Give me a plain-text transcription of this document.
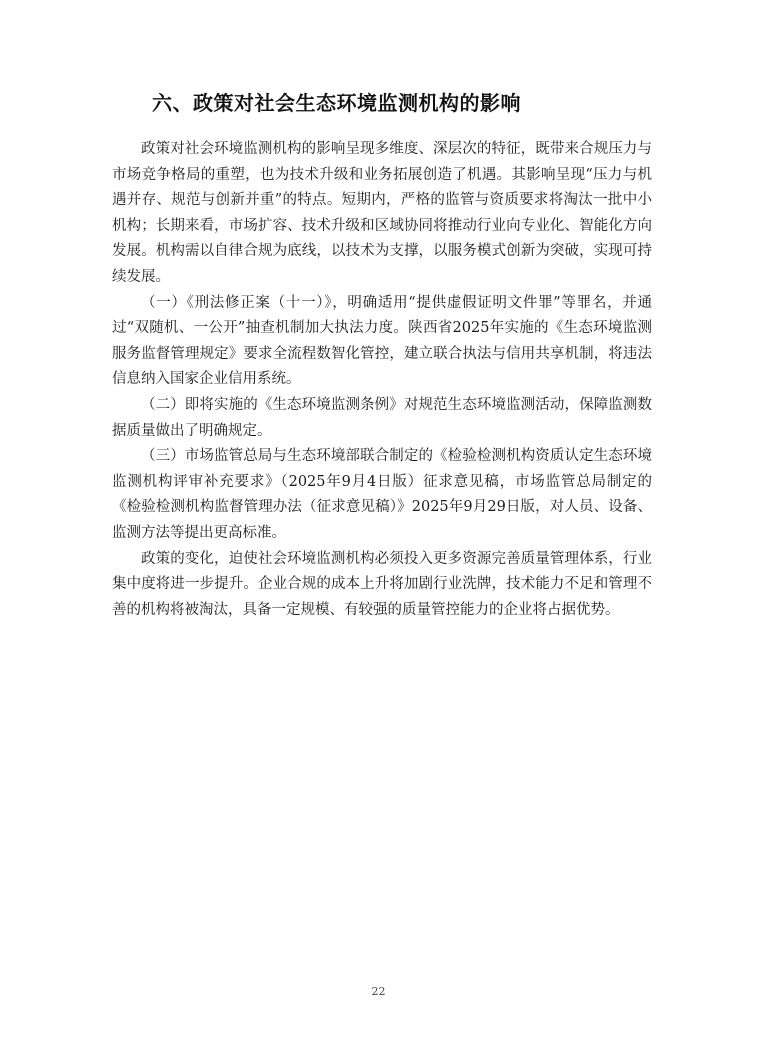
六、政策对社会生态环境监测机构的影响

政策对社会环境监测机构的影响呈现多维度、深层次的特征，既带来合规压力与市场竞争格局的重塑，也为技术升级和业务拓展创造了机遇。其影响呈现“压力与机遇并存、规范与创新并重”的特点。短期内，严格的监管与资质要求将淘汰一批中小机构；长期来看，市场扩容、技术升级和区域协同将推动行业向专业化、智能化方向发展。机构需以自律合规为底线，以技术为支撑，以服务模式创新为突破，实现可持续发展。

（一）《刑法修正案（十一）》，明确适用“提供虚假证明文件罪”等罪名，并通过“双随机、一公开”抽查机制加大执法力度。陕西省2025年实施的《生态环境监测服务监督管理规定》要求全流程数智化管控，建立联合执法与信用共享机制，将违法信息纳入国家企业信用系统。

（二）即将实施的《生态环境监测条例》对规范生态环境监测活动，保障监测数据质量做出了明确规定。

（三）市场监管总局与生态环境部联合制定的《检验检测机构资质认定生态环境监测机构评审补充要求》（2025年9月4日版）征求意见稿，市场监管总局制定的《检验检测机构监督管理办法（征求意见稿）》2025年9月29日版，对人员、设备、监测方法等提出更高标准。

政策的变化，迫使社会环境监测机构必须投入更多资源完善质量管理体系，行业集中度将进一步提升。企业合规的成本上升将加剧行业洗牌，技术能力不足和管理不善的机构将被淘汰，具备一定规模、有较强的质量管控能力的企业将占据优势。

22
